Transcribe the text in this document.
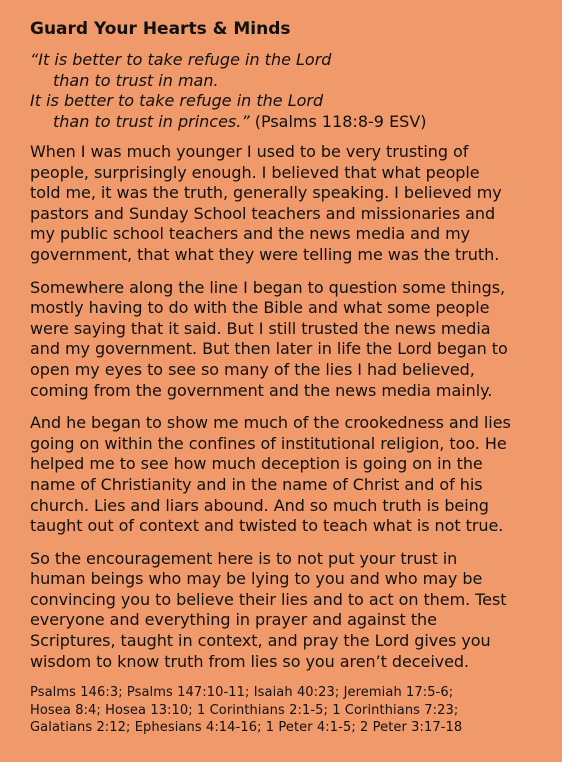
Guard Your Hearts & Minds
“It is better to take refuge in the Lord
than to trust in man.
It is better to take refuge in the Lord
than to trust in princes.” (Psalms 118:8-9 ESV)

When I was much younger I used to be very trusting of
people, surprisingly enough. I believed that what people
told me, it was the truth, generally speaking. I believed my
pastors and Sunday School teachers and missionaries and
my public school teachers and the news media and my
government, that what they were telling me was the truth.

Somewhere along the line I began to question some things,
mostly having to do with the Bible and what some people
were saying that it said. But I still trusted the news media
and my government. But then later in life the Lord began to
open my eyes to see so many of the lies I had believed,
coming from the government and the news media mainly.

And he began to show me much of the crookedness and lies
going on within the confines of institutional religion, too. He
helped me to see how much deception is going on in the
name of Christianity and in the name of Christ and of his
church. Lies and liars abound. And so much truth is being
taught out of context and twisted to teach what is not true.

So the encouragement here is to not put your trust in
human beings who may be lying to you and who may be
convincing you to believe their lies and to act on them. Test
everyone and everything in prayer and against the
Scriptures, taught in context, and pray the Lord gives you
wisdom to know truth from lies so you aren’t deceived.

Psalms 146:3; Psalms 147:10-11; Isaiah 40:23; Jeremiah 17:5-6;
Hosea 8:4; Hosea 13:10; 1 Corinthians 2:1-5; 1 Corinthians 7:23;
Galatians 2:12; Ephesians 4:14-16; 1 Peter 4:1-5; 2 Peter 3:17-18
